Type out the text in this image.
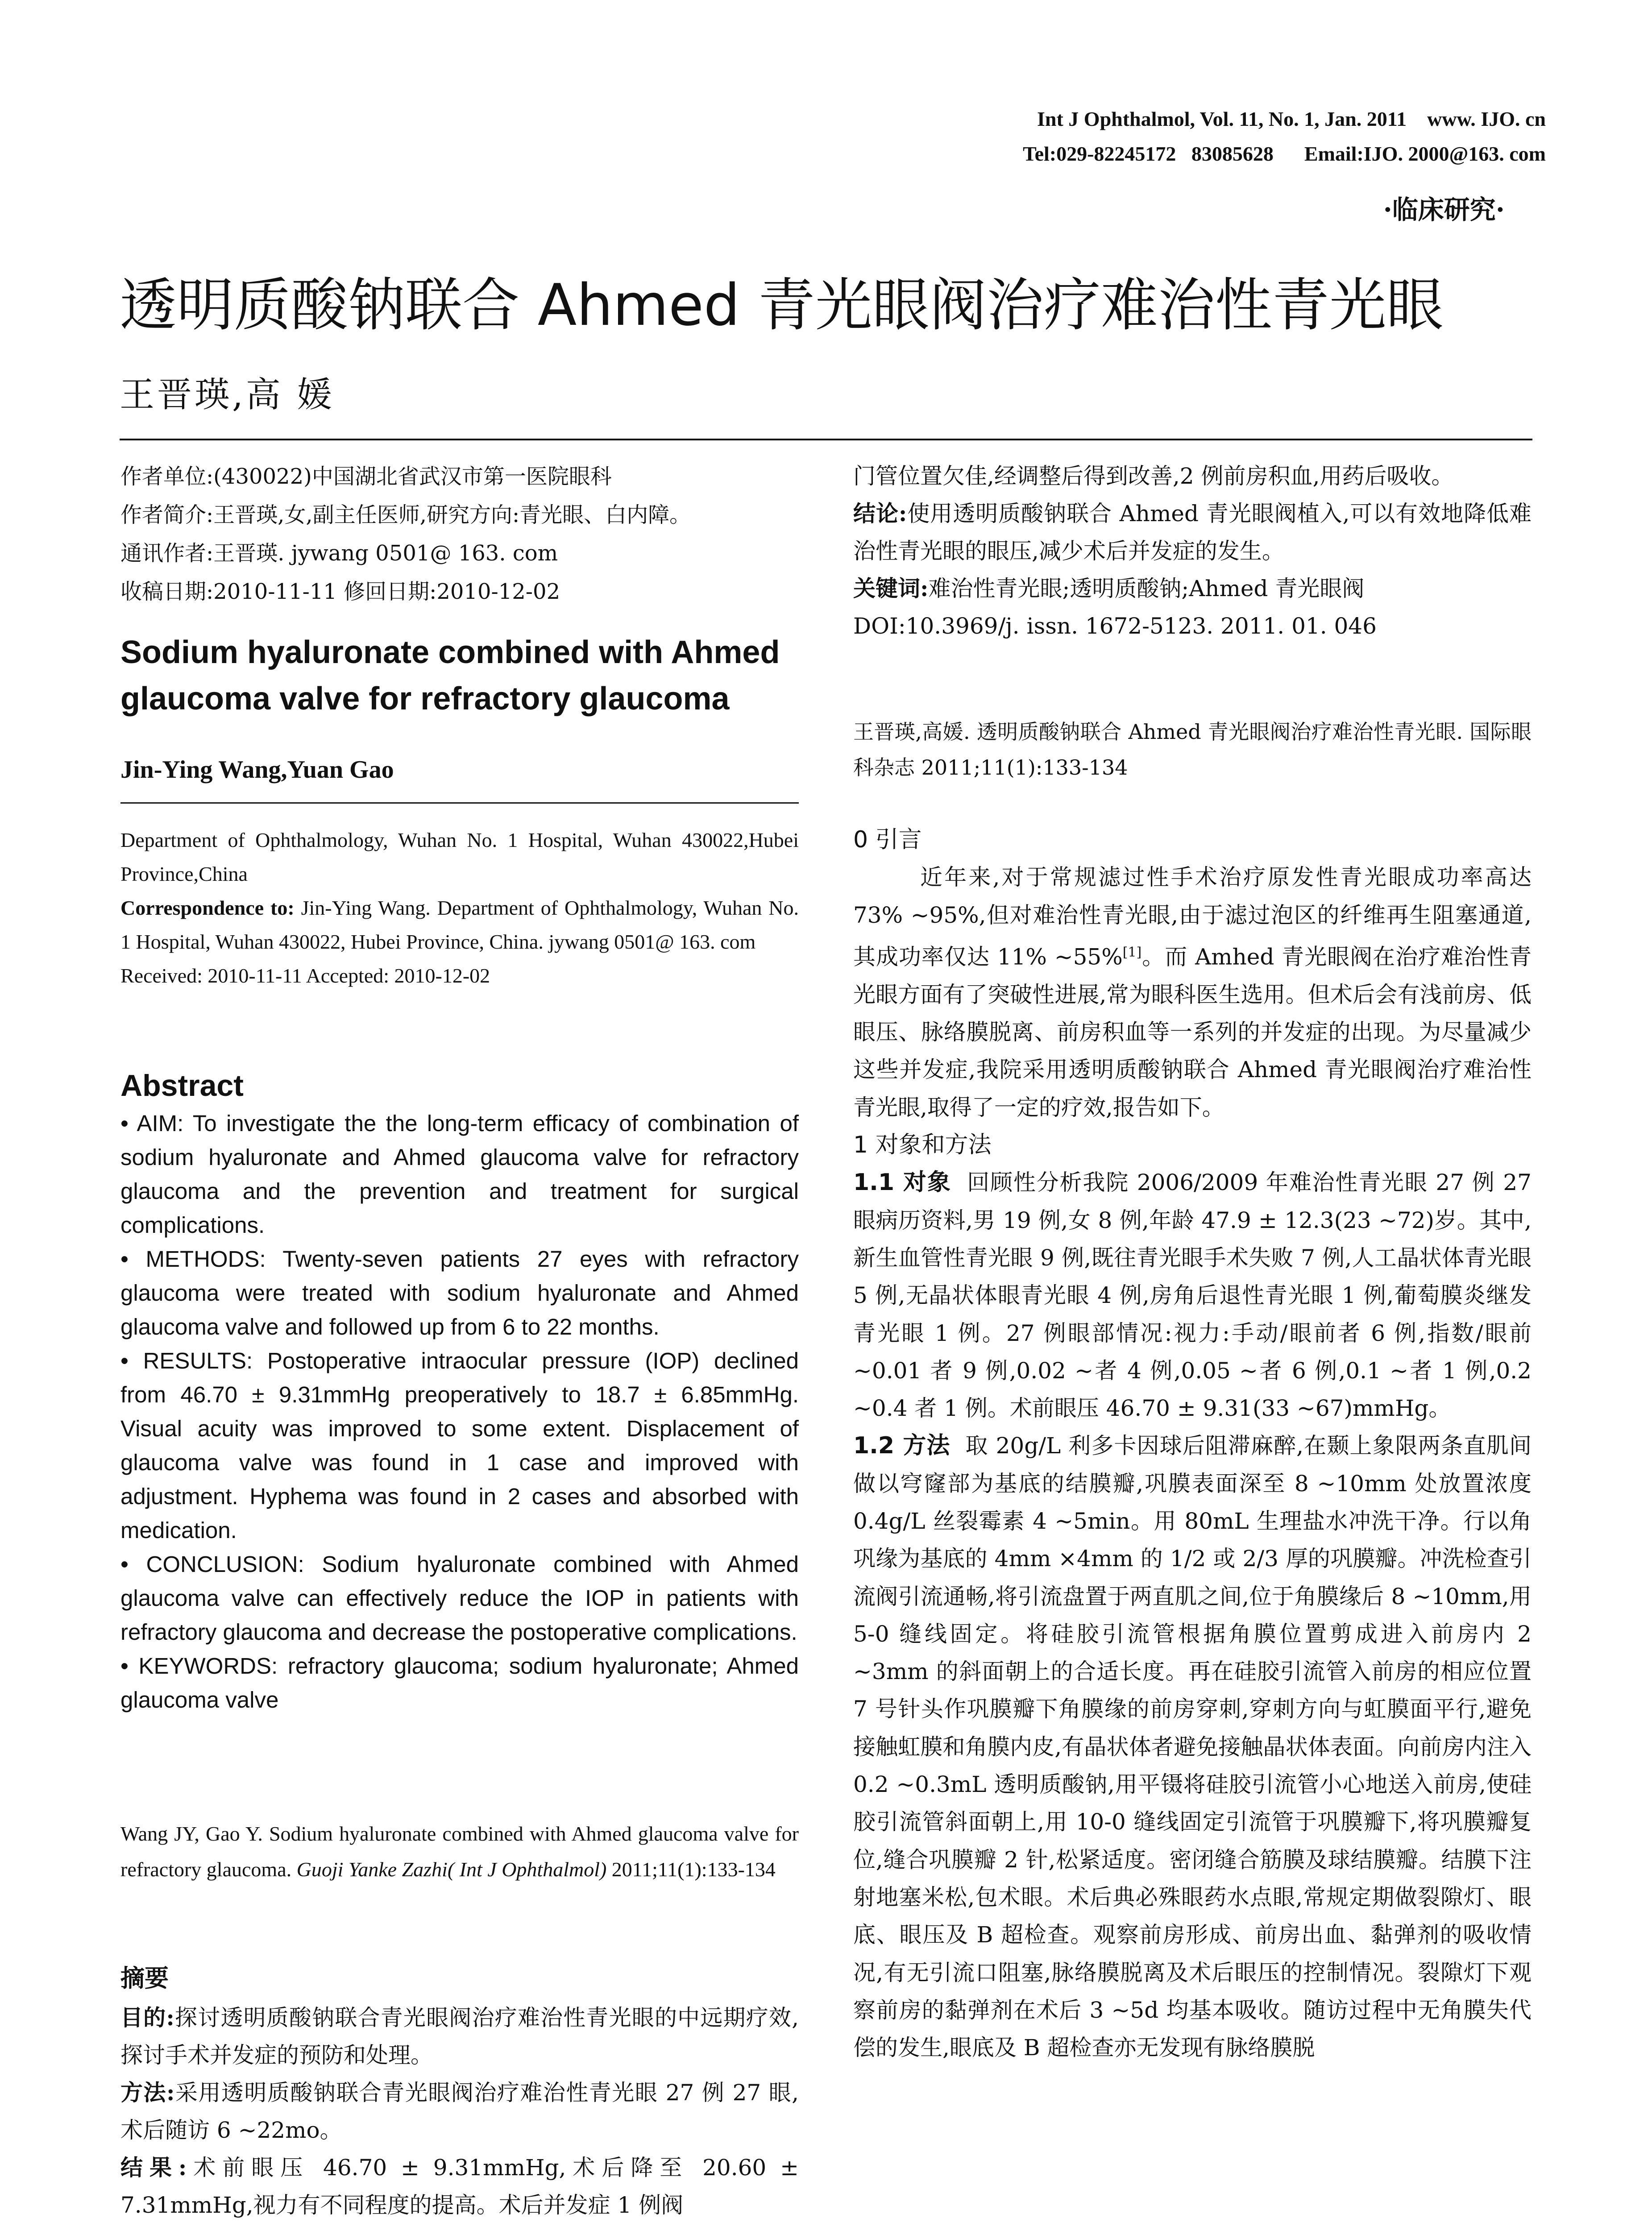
Int J Ophthalmol, Vol. 11, No. 1, Jan. 2011    www. IJO. cn
Tel:029-82245172   83085628      Email:IJO. 2000@163. com
·临床研究·
透明质酸钠联合 Ahmed 青光眼阀治疗难治性青光眼
王晋瑛,高 媛

作者单位:(430022)中国湖北省武汉市第一医院眼科

作者简介:王晋瑛,女,副主任医师,研究方向:青光眼、白内障。

通讯作者:王晋瑛. jywang 0501@ 163. com

收稿日期:2010-11-11 修回日期:2010-12-02

Sodium hyaluronate combined with Ahmed glaucoma valve for refractory glaucoma
Jin-Ying Wang,Yuan Gao

Department of Ophthalmology, Wuhan No. 1 Hospital, Wuhan 430022,Hubei Province,China

Correspondence to: Jin-Ying Wang. Department of Ophthalmology, Wuhan No. 1 Hospital, Wuhan 430022, Hubei Province, China. jywang 0501@ 163. com

Received: 2010-11-11 Accepted: 2010-12-02

Abstract

• AIM: To investigate the the long-term efficacy of combination of sodium hyaluronate and Ahmed glaucoma valve for refractory glaucoma and the prevention and treatment for surgical complications.

• METHODS: Twenty-seven patients 27 eyes with refractory glaucoma were treated with sodium hyaluronate and Ahmed glaucoma valve and followed up from 6 to 22 months.

• RESULTS: Postoperative intraocular pressure (IOP) declined from 46.70 ± 9.31mmHg preoperatively to 18.7 ± 6.85mmHg. Visual acuity was improved to some extent. Displacement of glaucoma valve was found in 1 case and improved with adjustment. Hyphema was found in 2 cases and absorbed with medication.

• CONCLUSION: Sodium hyaluronate combined with Ahmed glaucoma valve can effectively reduce the IOP in patients with refractory glaucoma and decrease the postoperative complications.

• KEYWORDS: refractory glaucoma; sodium hyaluronate; Ahmed glaucoma valve

Wang JY, Gao Y. Sodium hyaluronate combined with Ahmed glaucoma valve for refractory glaucoma. Guoji Yanke Zazhi( Int J Ophthalmol) 2011;11(1):133-134
摘要

目的:探讨透明质酸钠联合青光眼阀治疗难治性青光眼的中远期疗效,探讨手术并发症的预防和处理。

方法:采用透明质酸钠联合青光眼阀治疗难治性青光眼 27 例 27 眼,术后随访 6 ~22mo。

结果:术前眼压 46.70 ± 9.31mmHg,术后降至 20.60 ± 7.31mmHg,视力有不同程度的提高。术后并发症 1 例阀

门管位置欠佳,经调整后得到改善,2 例前房积血,用药后吸收。

结论:使用透明质酸钠联合 Ahmed 青光眼阀植入,可以有效地降低难治性青光眼的眼压,减少术后并发症的发生。

关键词:难治性青光眼;透明质酸钠;Ahmed 青光眼阀

DOI:10.3969/j. issn. 1672-5123. 2011. 01. 046

王晋瑛,高媛. 透明质酸钠联合 Ahmed 青光眼阀治疗难治性青光眼. 国际眼科杂志 2011;11(1):133-134

0 引言

近年来,对于常规滤过性手术治疗原发性青光眼成功率高达 73% ~95%,但对难治性青光眼,由于滤过泡区的纤维再生阻塞通道,其成功率仅达 11% ~55%[1]。而 Amhed 青光眼阀在治疗难治性青光眼方面有了突破性进展,常为眼科医生选用。但术后会有浅前房、低眼压、脉络膜脱离、前房积血等一系列的并发症的出现。为尽量减少这些并发症,我院采用透明质酸钠联合 Ahmed 青光眼阀治疗难治性青光眼,取得了一定的疗效,报告如下。

1 对象和方法

1.1 对象 回顾性分析我院 2006/2009 年难治性青光眼 27 例 27 眼病历资料,男 19 例,女 8 例,年龄 47.9 ± 12.3(23 ~72)岁。其中,新生血管性青光眼 9 例,既往青光眼手术失败 7 例,人工晶状体青光眼 5 例,无晶状体眼青光眼 4 例,房角后退性青光眼 1 例,葡萄膜炎继发青光眼 1 例。27 例眼部情况:视力:手动/眼前者 6 例,指数/眼前 ~0.01 者 9 例,0.02 ~者 4 例,0.05 ~者 6 例,0.1 ~者 1 例,0.2 ~0.4 者 1 例。术前眼压 46.70 ± 9.31(33 ~67)mmHg。

1.2 方法 取 20g/L 利多卡因球后阻滞麻醉,在颞上象限两条直肌间做以穹窿部为基底的结膜瓣,巩膜表面深至 8 ~10mm 处放置浓度 0.4g/L 丝裂霉素 4 ~5min。用 80mL 生理盐水冲洗干净。行以角巩缘为基底的 4mm ×4mm 的 1/2 或 2/3 厚的巩膜瓣。冲洗检查引流阀引流通畅,将引流盘置于两直肌之间,位于角膜缘后 8 ~10mm,用 5-0 缝线固定。将硅胶引流管根据角膜位置剪成进入前房内 2 ~3mm 的斜面朝上的合适长度。再在硅胶引流管入前房的相应位置 7 号针头作巩膜瓣下角膜缘的前房穿刺,穿刺方向与虹膜面平行,避免接触虹膜和角膜内皮,有晶状体者避免接触晶状体表面。向前房内注入 0.2 ~0.3mL 透明质酸钠,用平镊将硅胶引流管小心地送入前房,使硅胶引流管斜面朝上,用 10-0 缝线固定引流管于巩膜瓣下,将巩膜瓣复位,缝合巩膜瓣 2 针,松紧适度。密闭缝合筋膜及球结膜瓣。结膜下注射地塞米松,包术眼。术后典必殊眼药水点眼,常规定期做裂隙灯、眼底、眼压及 B 超检查。观察前房形成、前房出血、黏弹剂的吸收情况,有无引流口阻塞,脉络膜脱离及术后眼压的控制情况。裂隙灯下观察前房的黏弹剂在术后 3 ~5d 均基本吸收。随访过程中无角膜失代偿的发生,眼底及 B 超检查亦无发现有脉络膜脱
